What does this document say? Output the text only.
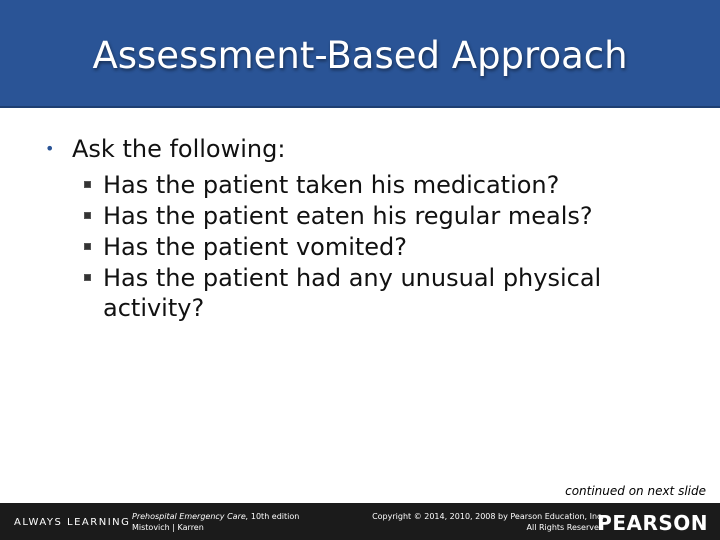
Assessment-Based Approach
• Ask the following:
Has the patient taken his medication?
Has the patient eaten his regular meals?
Has the patient vomited?
Has the patient had any unusual physical activity?
continued on next slide
ALWAYS LEARNING
Prehospital Emergency Care, 10th edition
Mistovich | Karren
Copyright © 2014, 2010, 2008 by Pearson Education, Inc.
All Rights Reserved
PEARSON
